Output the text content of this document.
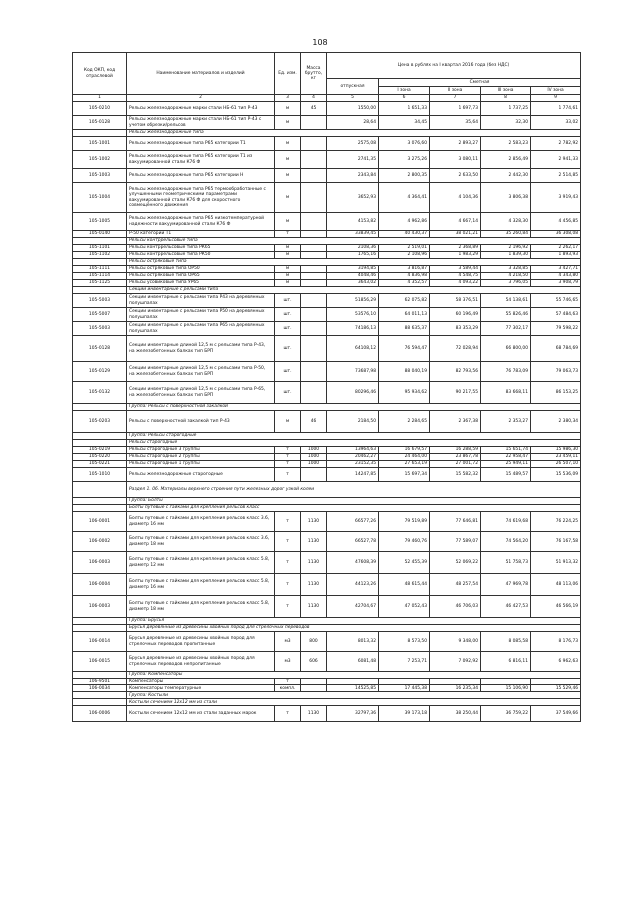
108
Код ОКП, код отраслевой	Наименование материалов и изделий	Ед. изм.	Масса брутто, кг	Цена в рублях на I квартал 2016 года (без НДС)				
				отпускная	Сметная			
					I зона	II зона	III зона	IV зона
1	2	3	4	5	6	7	8	9
105-0210	Рельсы железнодорожные марки стали НБ-61 тип Р-43	м	45	1550,00	1 651,33	1 697,73	1 737,25	1 774,61
105-0128	Рельсы железнодорожные марки стали НБ-61 тип Р-43 с учетом обрезки/рельсов	м		28,64	34,45	35,64	32,30	33,02
	Рельсы железнодорожные типа							
105-1001	Рельсы железнодорожные типа Р65 категории Т1	м		2575,08	3 076,60	2 893,27	2 583,23	2 782,92
105-1002	Рельсы железнодорожные типа Р65 категории Т1 из вакуумированной стали К76 Ф	м		2741,35	3 275,26	3 080,11	2 856,49	2 941,33
105-1003	Рельсы железнодорожные типа Р65 категории Н	м		2343,84	2 800,35	2 633,50	2 442,30	2 514,85
105-1004	Рельсы железнодорожные типа Р65 термообработанные с улучшенными геометрическими параметрами вакуумированной стали К76 Ф для скоростного совмещённого движения	м		3652,93	4 364,41	4 104,36	3 806,38	3 919,43
105-1005	Рельсы железнодорожные типа Р65 низкотемпературной надежности вакуумированной стали К76 Ф	м		4153,82	4 962,86	4 667,14	4 328,30	4 456,85
105-0140	Р-50 категории Т1	т		33839,45	40 430,37	38 021,21	35 260,84	36 308,08
	Рельсы контррельсовые типа							
105-1101	Рельсы контррельсовые типа РК65	м		2108,36	2 519,01	2 368,89	2 196,92	2 262,17
105-1102	Рельсы контррельсовые типа РК50	м		1765,16	2 108,96	1 983,29	1 839,30	1 893,93
	Рельсы остряковые типа							
105-1111	Рельсы остряковые типа ОР50	м		3194,85	3 816,87	3 589,44	3 328,85	3 427,71
105-1114	Рельсы остряковые типа ОР65	м		4048,46	4 836,98	4 548,75	4 218,50	4 343,80
105-1125	Рельсы усовиковые типа УР65	м		3643,02	4 352,57	4 093,22	3 796,05	3 908,79
	Секции инвентарные с рельсами типа							
105-5003	Секции инвентарные с рельсами типа Р43 на деревянных полушпалах	шт.		51856,29	62 075,82	58 376,51	54 138,61	55 746,65
105-5007	Секции инвентарные с рельсами типа Р50 на деревянных полушпалах	шт.		53576,10	64 011,13	60 196,49	55 826,46	57 484,63
105-5003	Секции инвентарные с рельсами типа Р65 на деревянных полушпалах	шт.		74186,13	88 635,37	83 353,29	77 302,17	79 598,22
105-0128	Секции инвентарные длиной 12,5 м с рельсами типа Р-43, на железобетонных балках тип БРП	шт.		64108,12	76 594,47	72 028,94	66 800,00	68 784,69
105-0129	Секции инвентарные длиной 12,5 м с рельсами типа Р-50, на железобетонных балках тип БРП	шт.		73687,98	88 040,19	82 793,56	76 783,09	79 063,73
105-0132	Секции инвентарные длиной 12,5 м с рельсами типа Р-65, на железобетонных балках тип БРП	шт.		80296,46	95 934,62	90 217,55	83 668,11	86 153,25
	Группа: Рельсы с поверхностной закалкой							
105-0203	Рельсы с поверхностной закалкой тип Р-43	м	46	2184,50	2 284,65	2 367,38	2 353,27	2 380,34
	Группа: Рельсы старогодные							
	Рельсы старогодные							
105-0219	Рельсы старогодные 3 группы	т	1000	13964,63	16 679,57	16 288,59	15 651,74	15 986,30
105-0220	Рельсы старогодные 2 группы	т	1000	20462,27	24 464,00	23 867,78	22 958,47	23 459,11
105-0221	Рельсы старогодные 1 группы	т	1000	23152,35	27 653,19	27 001,72	25 949,11	26 507,10
105-1010	Рельсы железнодорожные старогодные	т		14247,85	15 697,34	15 582,32	15 489,57	15 536,09
	Раздел 1. 06. Материалы верхнего строения пути железных дорог узкой колеи							
	Группа: Болты							
	Болты путевые с гайками для крепления рельсов класс							
106-0001	Болты путевые с гайками для крепления рельсов класс 3.6, диаметр 16 мм	т	1130	66577,26	79 519,89	77 646,81	74 619,68	76 224,25
106-0002	Болты путевые с гайками для крепления рельсов класс 3.6, диаметр 18 мм	т	1130	66527,78	79 460,76	77 589,07	74 564,20	76 167,58
106-0003	Болты путевые с гайками для крепления рельсов класс 5.8, диаметр 12 мм	т	1130	47608,39	52 455,39	52 069,22	51 758,73	51 913,32
106-0004	Болты путевые с гайками для крепления рельсов класс 5.8, диаметр 16 мм	т	1130	44123,26	48 615,44	48 257,54	47 969,78	48 113,06
106-0003	Болты путевые с гайками для крепления рельсов класс 5.8, диаметр 18 мм	т	1130	42704,67	47 052,43	46 706,03	46 427,53	46 566,19
	Группа: Брусья							
	Брусья деревянные из древесины хвойных пород для стрелочных переводов							
106-0014	Брусья деревянные из древесины хвойных пород для стрелочных переводов пропитанные	м3	800	8013,32	8 573,50	9 348,00	8 085,58	8 176,73
106-0015	Брусья деревянные из древесины хвойных пород для стрелочных переводов непропитанные	м3	606	6081,48	7 253,71	7 092,92	6 816,11	6 962,63
	Группа: Компенсаторы							
106-9501	Компенсаторы	т						
106-0034	Компенсаторы температурные	компл.		14525,85	17 445,38	16 235,34	15 106,90	15 529,46
	Группа: Костыли							
	Костыли сечением 12х12 мм из стали							
106-0006	Костыли сечением 12х12 мм из стали заданных марок	т	1130	32797,36	39 173,18	38 250,44	36 759,22	37 549,66
